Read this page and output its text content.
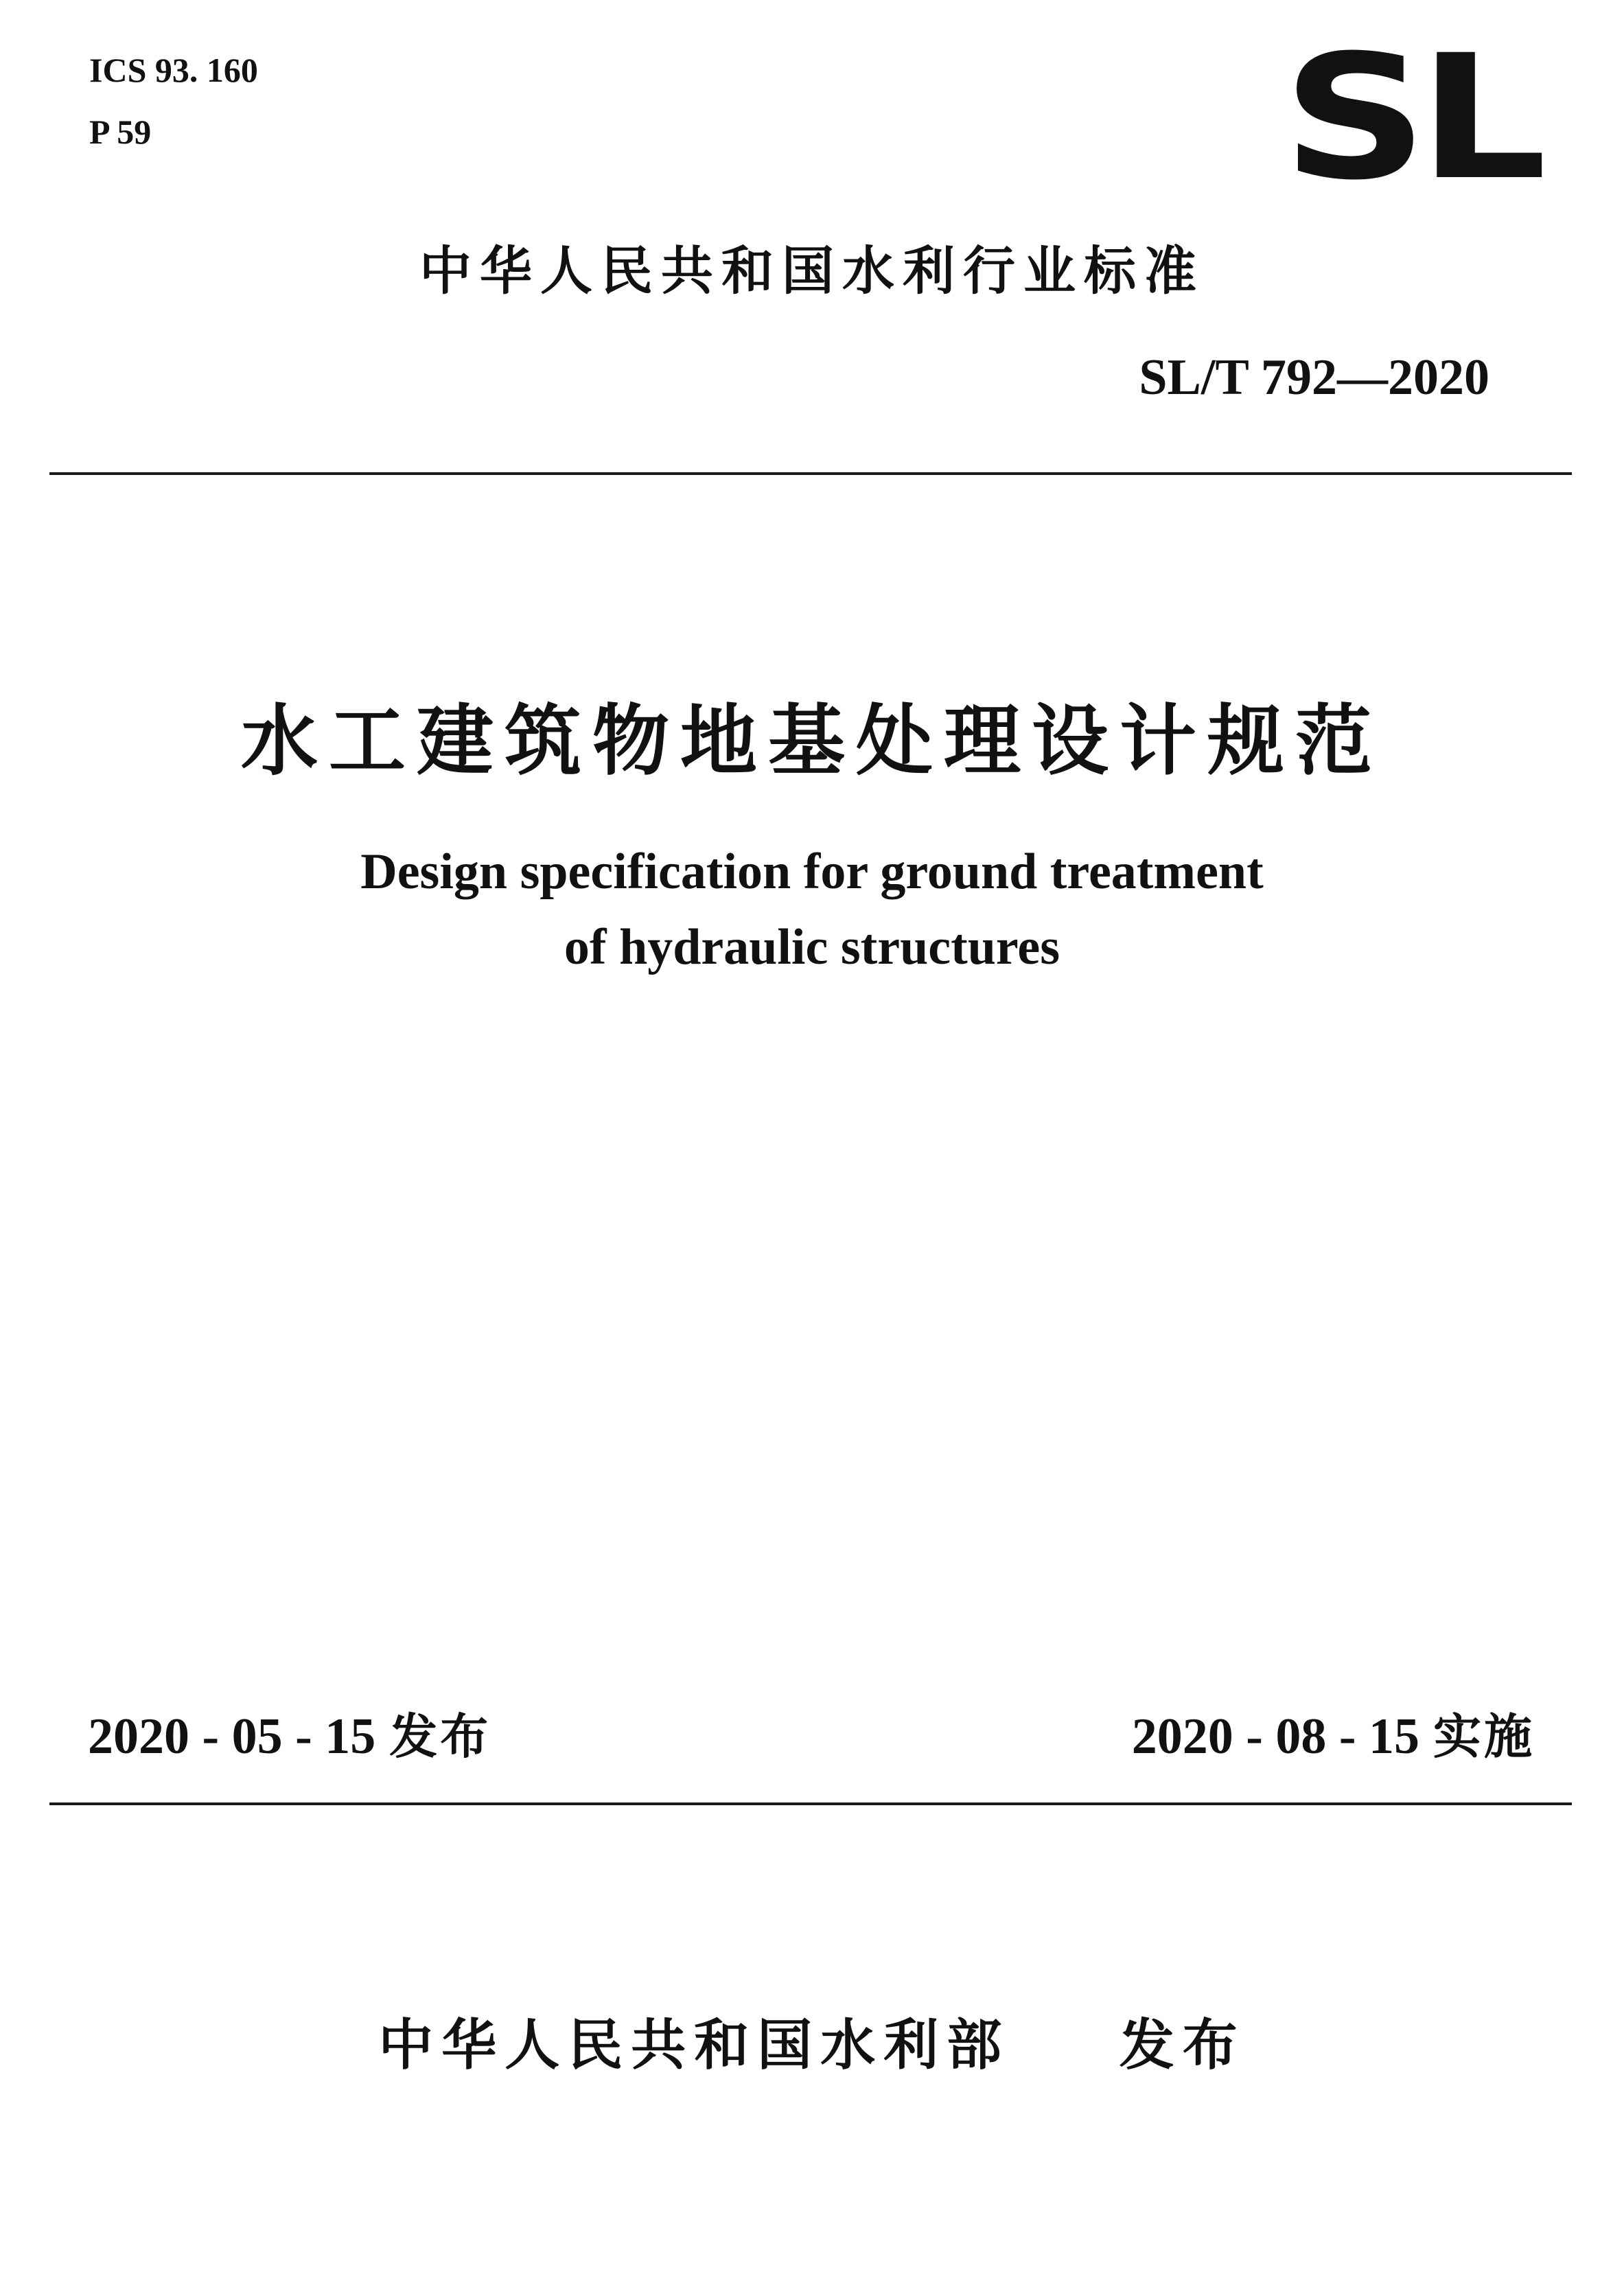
ICS 93. 160
P 59	SL
中华人民共和国水利行业标准
SL/T 792—2020
水工建筑物地基处理设计规范
Design specification for ground treatment
of hydraulic structures
2020 - 05 - 15 发布	2020 - 08 - 15 实施
中华人民共和国水利部 发布
